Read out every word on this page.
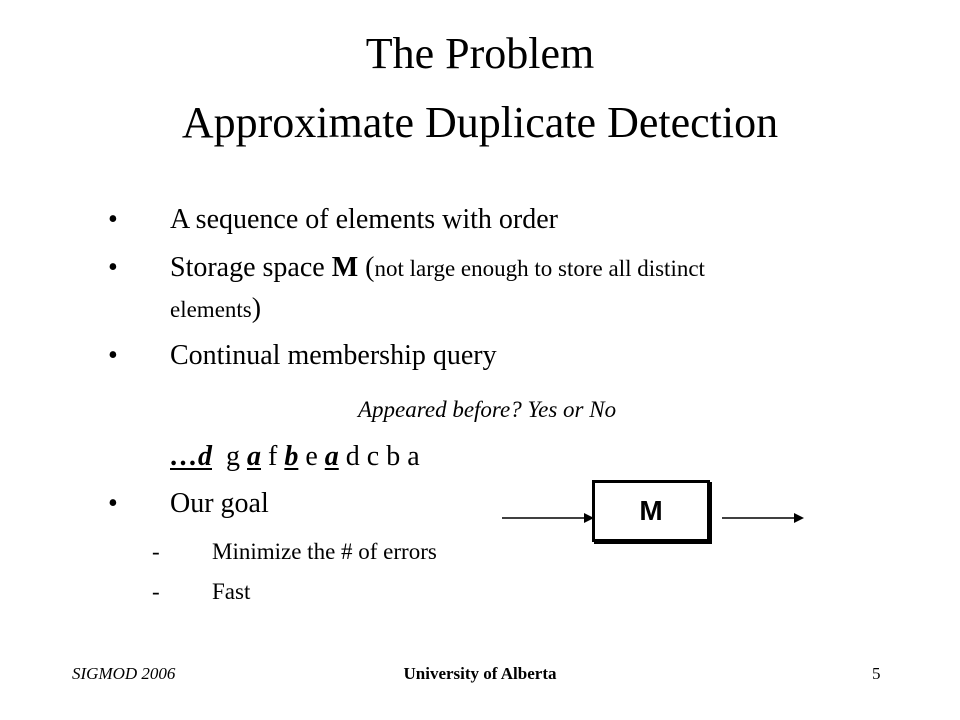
The Problem
Approximate Duplicate Detection
• A sequence of elements with order
• Storage space M (not large enough to store all distinct
elements)
• Continual membership query
Appeared before? Yes or No
…d g a f b e a d c b a
• Our goal
- Minimize the # of errors
- Fast
M
SIGMOD 2006	University of Alberta	5
